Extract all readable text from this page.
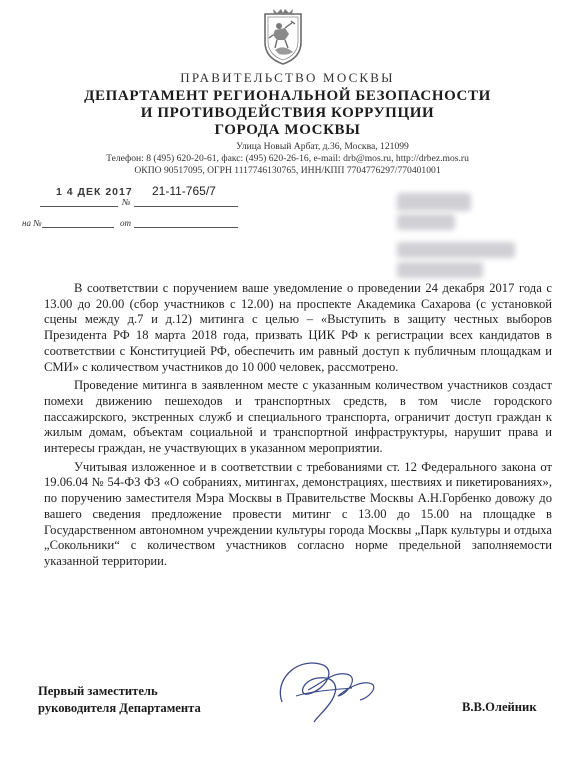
ПРАВИТЕЛЬСТВО МОСКВЫ
ДЕПАРТАМЕНТ РЕГИОНАЛЬНОЙ БЕЗОПАСНОСТИ
И ПРОТИВОДЕЙСТВИЯ КОРРУПЦИИ
ГОРОДА МОСКВЫ
Улица Новый Арбат, д.36, Москва, 121099
Телефон: 8 (495) 620-20-61, факс: (495) 620-26-16, e-mail: drb@mos.ru, http://drbez.mos.ru
ОКПО 90517095, ОГРН 1117746130765, ИНН/КПП 7704776297/770401001
1 4 ДЕК 2017 21-11-765/7
№
на №	от

В соответствии с поручением ваше уведомление о проведении 24 декабря 2017 года с 13.00 до 20.00 (сбор участников с 12.00) на проспекте Академика Сахарова (с установкой сцены между д.7 и д.12) митинга с целью – «Выступить в защиту честных выборов Президента РФ 18 марта 2018 года, призвать ЦИК РФ к регистрации всех кандидатов в соответствии с Конституцией РФ, обеспечить им равный доступ к публичным площадкам и СМИ» с количеством участников до 10 000 человек, рассмотрено.

Проведение митинга в заявленном месте с указанным количеством участников создаст помехи движению пешеходов и транспортных средств, в том числе городского пассажирского, экстренных служб и специального транспорта, ограничит доступ граждан к жилым домам, объектам социальной и транспортной инфраструктуры, нарушит права и интересы граждан, не участвующих в указанном мероприятии.

Учитывая изложенное и в соответствии с требованиями ст. 12 Федерального закона от 19.06.04 № 54-ФЗ ФЗ «О собраниях, митингах, демонстрациях, шествиях и пикетированиях», по поручению заместителя Мэра Москвы в Правительстве Москвы А.Н.Горбенко довожу до вашего сведения предложение провести митинг с 13.00 до 15.00 на площадке в Государственном автономном учреждении культуры города Москвы „Парк культуры и отдыха „Сокольники“ с количеством участников согласно норме предельной заполняемости указанной территории.

Первый заместитель
руководителя Департамента	В.В.Олейник
